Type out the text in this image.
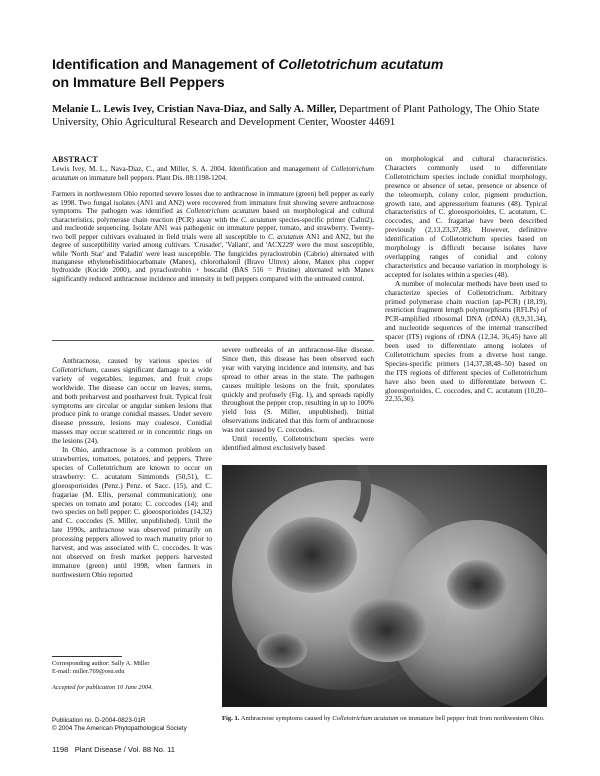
Identification and Management of Colletotrichum acutatum
on Immature Bell Peppers
Melanie L. Lewis Ivey, Cristian Nava-Diaz, and Sally A. Miller, Department of Plant Pathology, The Ohio State University, Ohio Agricultural Research and Development Center, Wooster 44691
ABSTRACT

Lewis Ivey, M. L., Nava-Diaz, C., and Miller, S. A. 2004. Identification and management of Colletotrichum acutatum on immature bell peppers. Plant Dis. 88:1198-1204.

Farmers in northwestern Ohio reported severe losses due to anthracnose in immature (green) bell pepper as early as 1998. Two fungal isolates (AN1 and AN2) were recovered from immature fruit showing severe anthracnose symptoms. The pathogen was identified as Colletotrichum acutatum based on morphological and cultural characteristics, polymerase chain reaction (PCR) assay with the C. acutatum species-specific primer (CaInt2), and nucleotide sequencing. Isolate AN1 was pathogenic on immature pepper, tomato, and strawberry. Twenty-two bell pepper cultivars evaluated in field trials were all susceptible to C. acutatum AN1 and AN2, but the degree of susceptibility varied among cultivars. 'Crusader', 'Valiant', and 'ACX229' were the most susceptible, while 'North Star' and 'Paladin' were least susceptible. The fungicides pyraclostrobin (Cabrio) alternated with manganese ethylenebisdithiocarbamate (Manex), chlorothalonil (Bravo Ultrex) alone, Manex plus copper hydroxide (Kocide 2000), and pyraclostrobin + boscalid (BAS 516 = Pristine) alternated with Manex significantly reduced anthracnose incidence and intensity in bell peppers compared with the untreated control.

Anthracnose, caused by various species of Colletotrichum, causes significant damage to a wide variety of vegetables, legumes, and fruit crops worldwide. The disease can occur on leaves, stems, and both preharvest and postharvest fruit. Typical fruit symptoms are circular or angular sunken lesions that produce pink to orange conidial masses. Under severe disease pressure, lesions may coalesce. Conidial masses may occur scattered or in concentric rings on the lesions (24).

In Ohio, anthracnose is a common problem on strawberries, tomatoes, potatoes, and peppers. Three species of Colletotrichum are known to occur on strawberry: C. acutatum Simmonds (50,51), C. gloeosporioides (Penz.) Penz. et Sacc. (15), and C. fragariae (M. Ellis, personal communication); one species on tomato and potato: C. coccodes (14); and two species on bell pepper: C. gloeosporioides (14,32) and C. coccodes (S. Miller, unpublished). Until the late 1990s, anthracnose was observed primarily on processing peppers allowed to reach maturity prior to harvest, and was associated with C. coccodes. It was not observed on fresh market peppers harvested immature (green) until 1998, when farmers in northwestern Ohio reported

severe outbreaks of an anthracnose-like disease. Since then, this disease has been observed each year with varying incidence and intensity, and has spread to other areas in the state. The pathogen causes multiple lesions on the fruit, sporulates quickly and profusely (Fig. 1), and spreads rapidly throughout the pepper crop, resulting in up to 100% yield loss (S. Miller, unpublished). Initial observations indicated that this form of anthracnose was not caused by C. coccodes.

Until recently, Colletotrichum species were identified almost exclusively based

on morphological and cultural characteristics. Characters commonly used to differentiate Colletotrichum species include conidial morphology, presence or absence of setae, presence or absence of the teleomorph, colony color, pigment production, growth rate, and appressorium features (48). Typical characteristics of C. gloeosporioides, C. acutatum, C. coccodes, and C. fragariae have been described previously (2,13,23,37,38). However, definitive identification of Colletotrichum species based on morphology is difficult because isolates have overlapping ranges of conidial and colony characteristics and because variation in morphology is accepted for isolates within a species (48).

A number of molecular methods have been used to characterize species of Colletotrichum. Arbitrary primed polymerase chain reaction (ap-PCR) (18,19), restriction fragment length polymorphisms (RFLPs) of PCR-amplified ribosomal DNA (rDNA) (8,9,31,34), and nucleotide sequences of the internal transcribed spacer (ITS) regions of rDNA (12,34, 36,45) have all been used to differentiate among isolates of Colletotrichum species from a diverse host range. Species-specific primers (14,37,38,48–50) based on the ITS regions of different species of Colletotrichum have also been used to differentiate between C. gloeosporioides, C. coccodes, and C. acutatum (10,20–22,35,36).

Corresponding author: Sally A. Miller
E-mail: miller.769@osu.edu
Accepted for publication 10 June 2004.
Publication no. D-2004-0823-01R
© 2004 The American Phytopathological Society
1198 Plant Disease / Vol. 88 No. 11
Fig. 1. Anthracnose symptoms caused by Colletotrichum acutatum on immature bell pepper fruit from northwestern Ohio.
